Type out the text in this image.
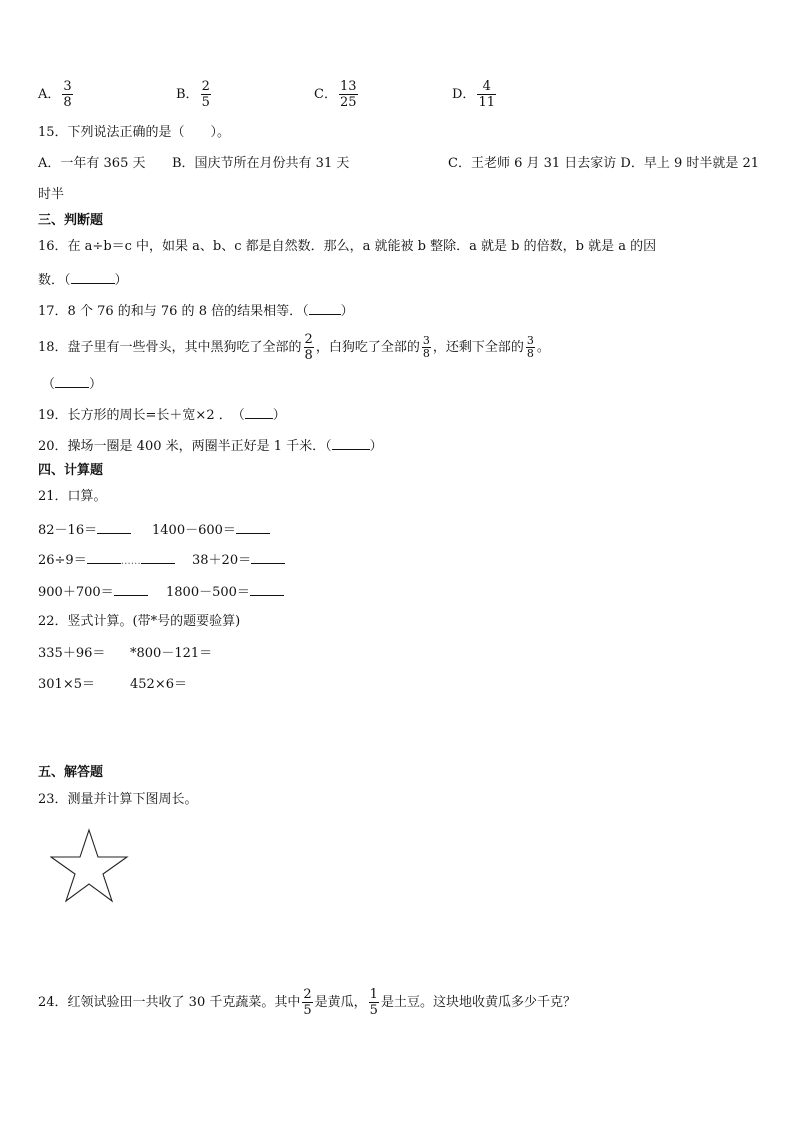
A． $\frac{3}{8}$	B． $\frac{2}{5}$	C． $\frac{13}{25}$	D． $\frac{4}{11}$
15．下列说法正确的是（　　）。
A．一年有 365 天 B．国庆节所在月份共有 31 天	C．王老师 6 月 31 日去家访 D．早上 9 时半就是 21
时半
三、判断题
16．在 a÷b＝c 中，如果 a、b、c 都是自然数．那么，a 就能被 b 整除．a 就是 b 的倍数，b 就是 a 的因
数．（	）
17．8 个 76 的和与 76 的 8 倍的结果相等．（ ）
18．盘子里有一些骨头，其中黑狗吃了全部的 $\frac{2}{8}$ ，白狗吃了全部的 $\frac{3}{8}$ ，还剩下全部的 $\frac{3}{8}$ 。
（	）
19．长方形的周长=长＋宽×2 ．　（ ）
20．操场一圈是 400 米，两圈半正好是 1 千米．（	）
四、计算题
21．口算。
82－16＝	1400－600＝
26÷9＝	……	38＋20＝
900＋700＝	1800－500＝
22．竖式计算。(带*号的题要验算)
335＋96＝ *800－121＝
301×5＝	452×6＝
五、解答题
23．测量并计算下图周长。
24．红领试验田一共收了 30 千克蔬菜。其中 $\frac{2}{5}$ 是黄瓜， $\frac{1}{5}$ 是土豆。这块地收黄瓜多少千克？
